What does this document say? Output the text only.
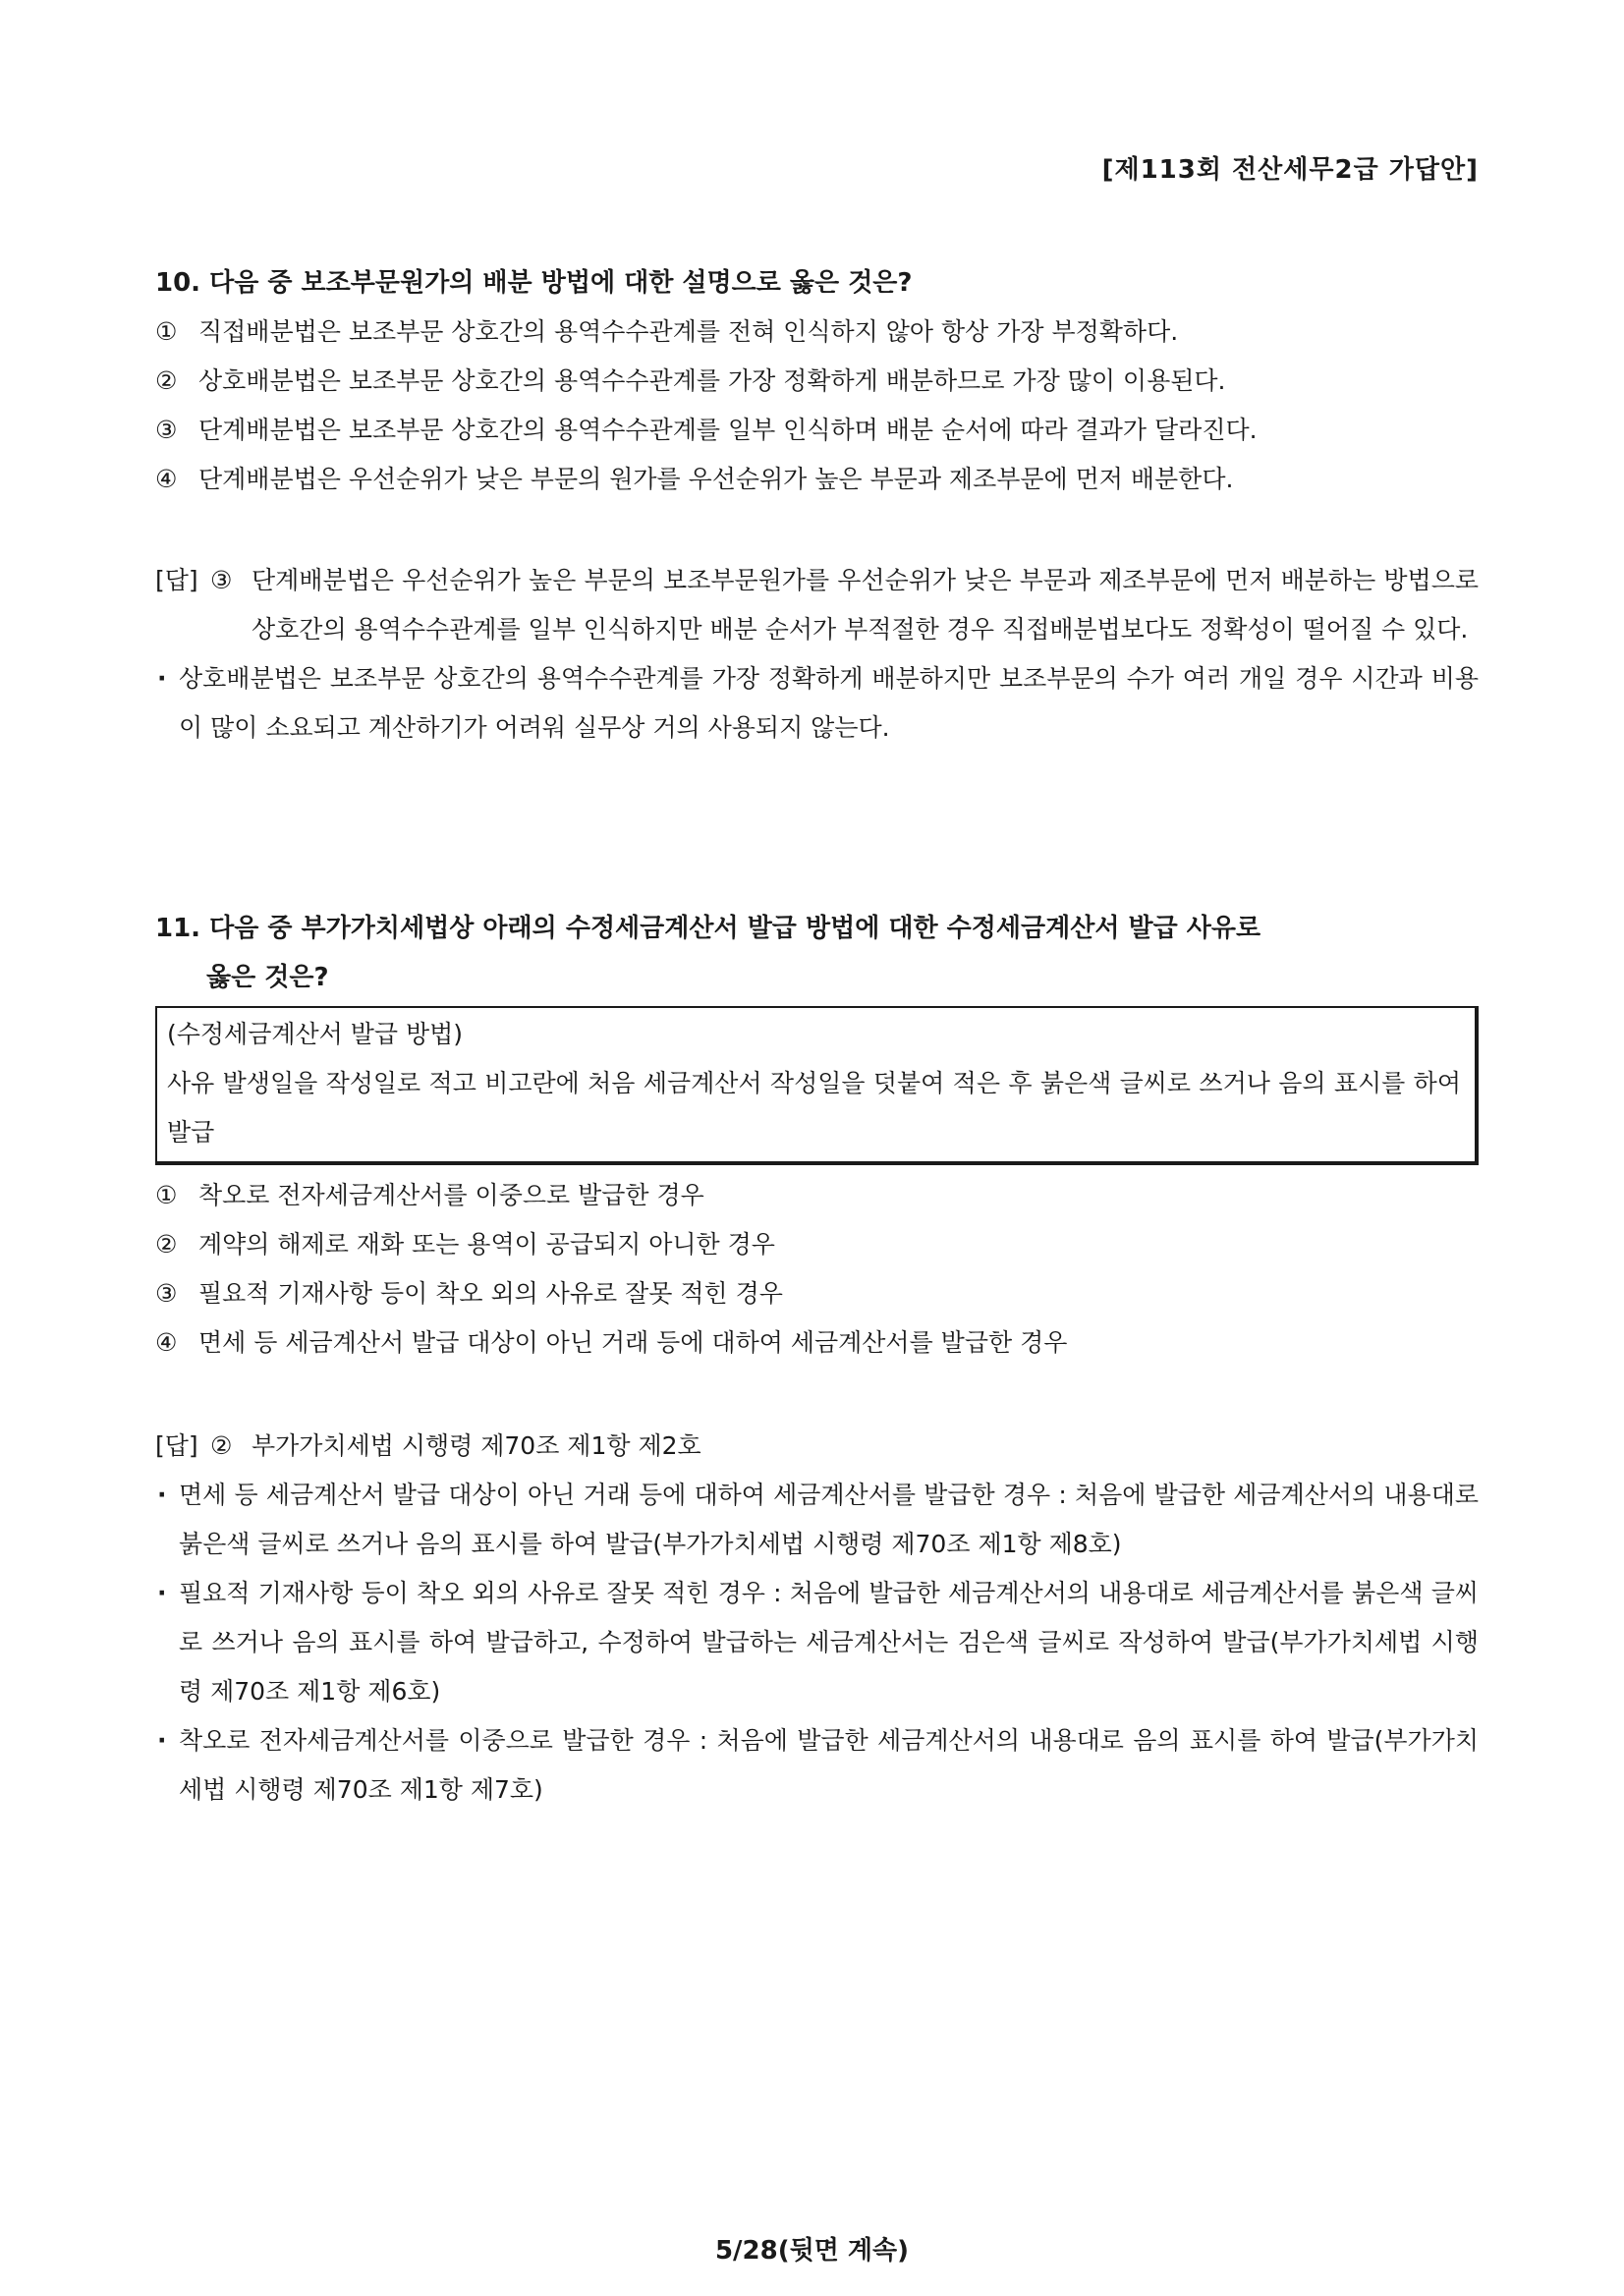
[제113회 전산세무2급 가답안]
10. 다음 중 보조부문원가의 배분 방법에 대한 설명으로 옳은 것은?
① 직접배분법은 보조부문 상호간의 용역수수관계를 전혀 인식하지 않아 항상 가장 부정확하다.
② 상호배분법은 보조부문 상호간의 용역수수관계를 가장 정확하게 배분하므로 가장 많이 이용된다.
③ 단계배분법은 보조부문 상호간의 용역수수관계를 일부 인식하며 배분 순서에 따라 결과가 달라진다.
④ 단계배분법은 우선순위가 낮은 부문의 원가를 우선순위가 높은 부문과 제조부문에 먼저 배분한다.
[답] ③ 단계배분법은 우선순위가 높은 부문의 보조부문원가를 우선순위가 낮은 부문과 제조부문에 먼저 배분하는 방법으로 상호간의 용역수수관계를 일부 인식하지만 배분 순서가 부적절한 경우 직접배분법보다도 정확성이 떨어질 수 있다.
· 상호배분법은 보조부문 상호간의 용역수수관계를 가장 정확하게 배분하지만 보조부문의 수가 여러 개일 경우 시간과 비용이 많이 소요되고 계산하기가 어려워 실무상 거의 사용되지 않는다.
11. 다음 중 부가가치세법상 아래의 수정세금계산서 발급 방법에 대한 수정세금계산서 발급 사유로
옳은 것은?
(수정세금계산서 발급 방법)
사유 발생일을 작성일로 적고 비고란에 처음 세금계산서 작성일을 덧붙여 적은 후 붉은색 글씨로 쓰거나 음의 표시를 하여 발급
① 착오로 전자세금계산서를 이중으로 발급한 경우
② 계약의 해제로 재화 또는 용역이 공급되지 아니한 경우
③ 필요적 기재사항 등이 착오 외의 사유로 잘못 적힌 경우
④ 면세 등 세금계산서 발급 대상이 아닌 거래 등에 대하여 세금계산서를 발급한 경우
[답] ② 부가가치세법 시행령 제70조 제1항 제2호
· 면세 등 세금계산서 발급 대상이 아닌 거래 등에 대하여 세금계산서를 발급한 경우 : 처음에 발급한 세금계산서의 내용대로 붉은색 글씨로 쓰거나 음의 표시를 하여 발급(부가가치세법 시행령 제70조 제1항 제8호)
· 필요적 기재사항 등이 착오 외의 사유로 잘못 적힌 경우 : 처음에 발급한 세금계산서의 내용대로 세금계산서를 붉은색 글씨로 쓰거나 음의 표시를 하여 발급하고, 수정하여 발급하는 세금계산서는 검은색 글씨로 작성하여 발급(부가가치세법 시행령 제70조 제1항 제6호)
· 착오로 전자세금계산서를 이중으로 발급한 경우 : 처음에 발급한 세금계산서의 내용대로 음의 표시를 하여 발급(부가가치세법 시행령 제70조 제1항 제7호)
5/28(뒷면 계속)
